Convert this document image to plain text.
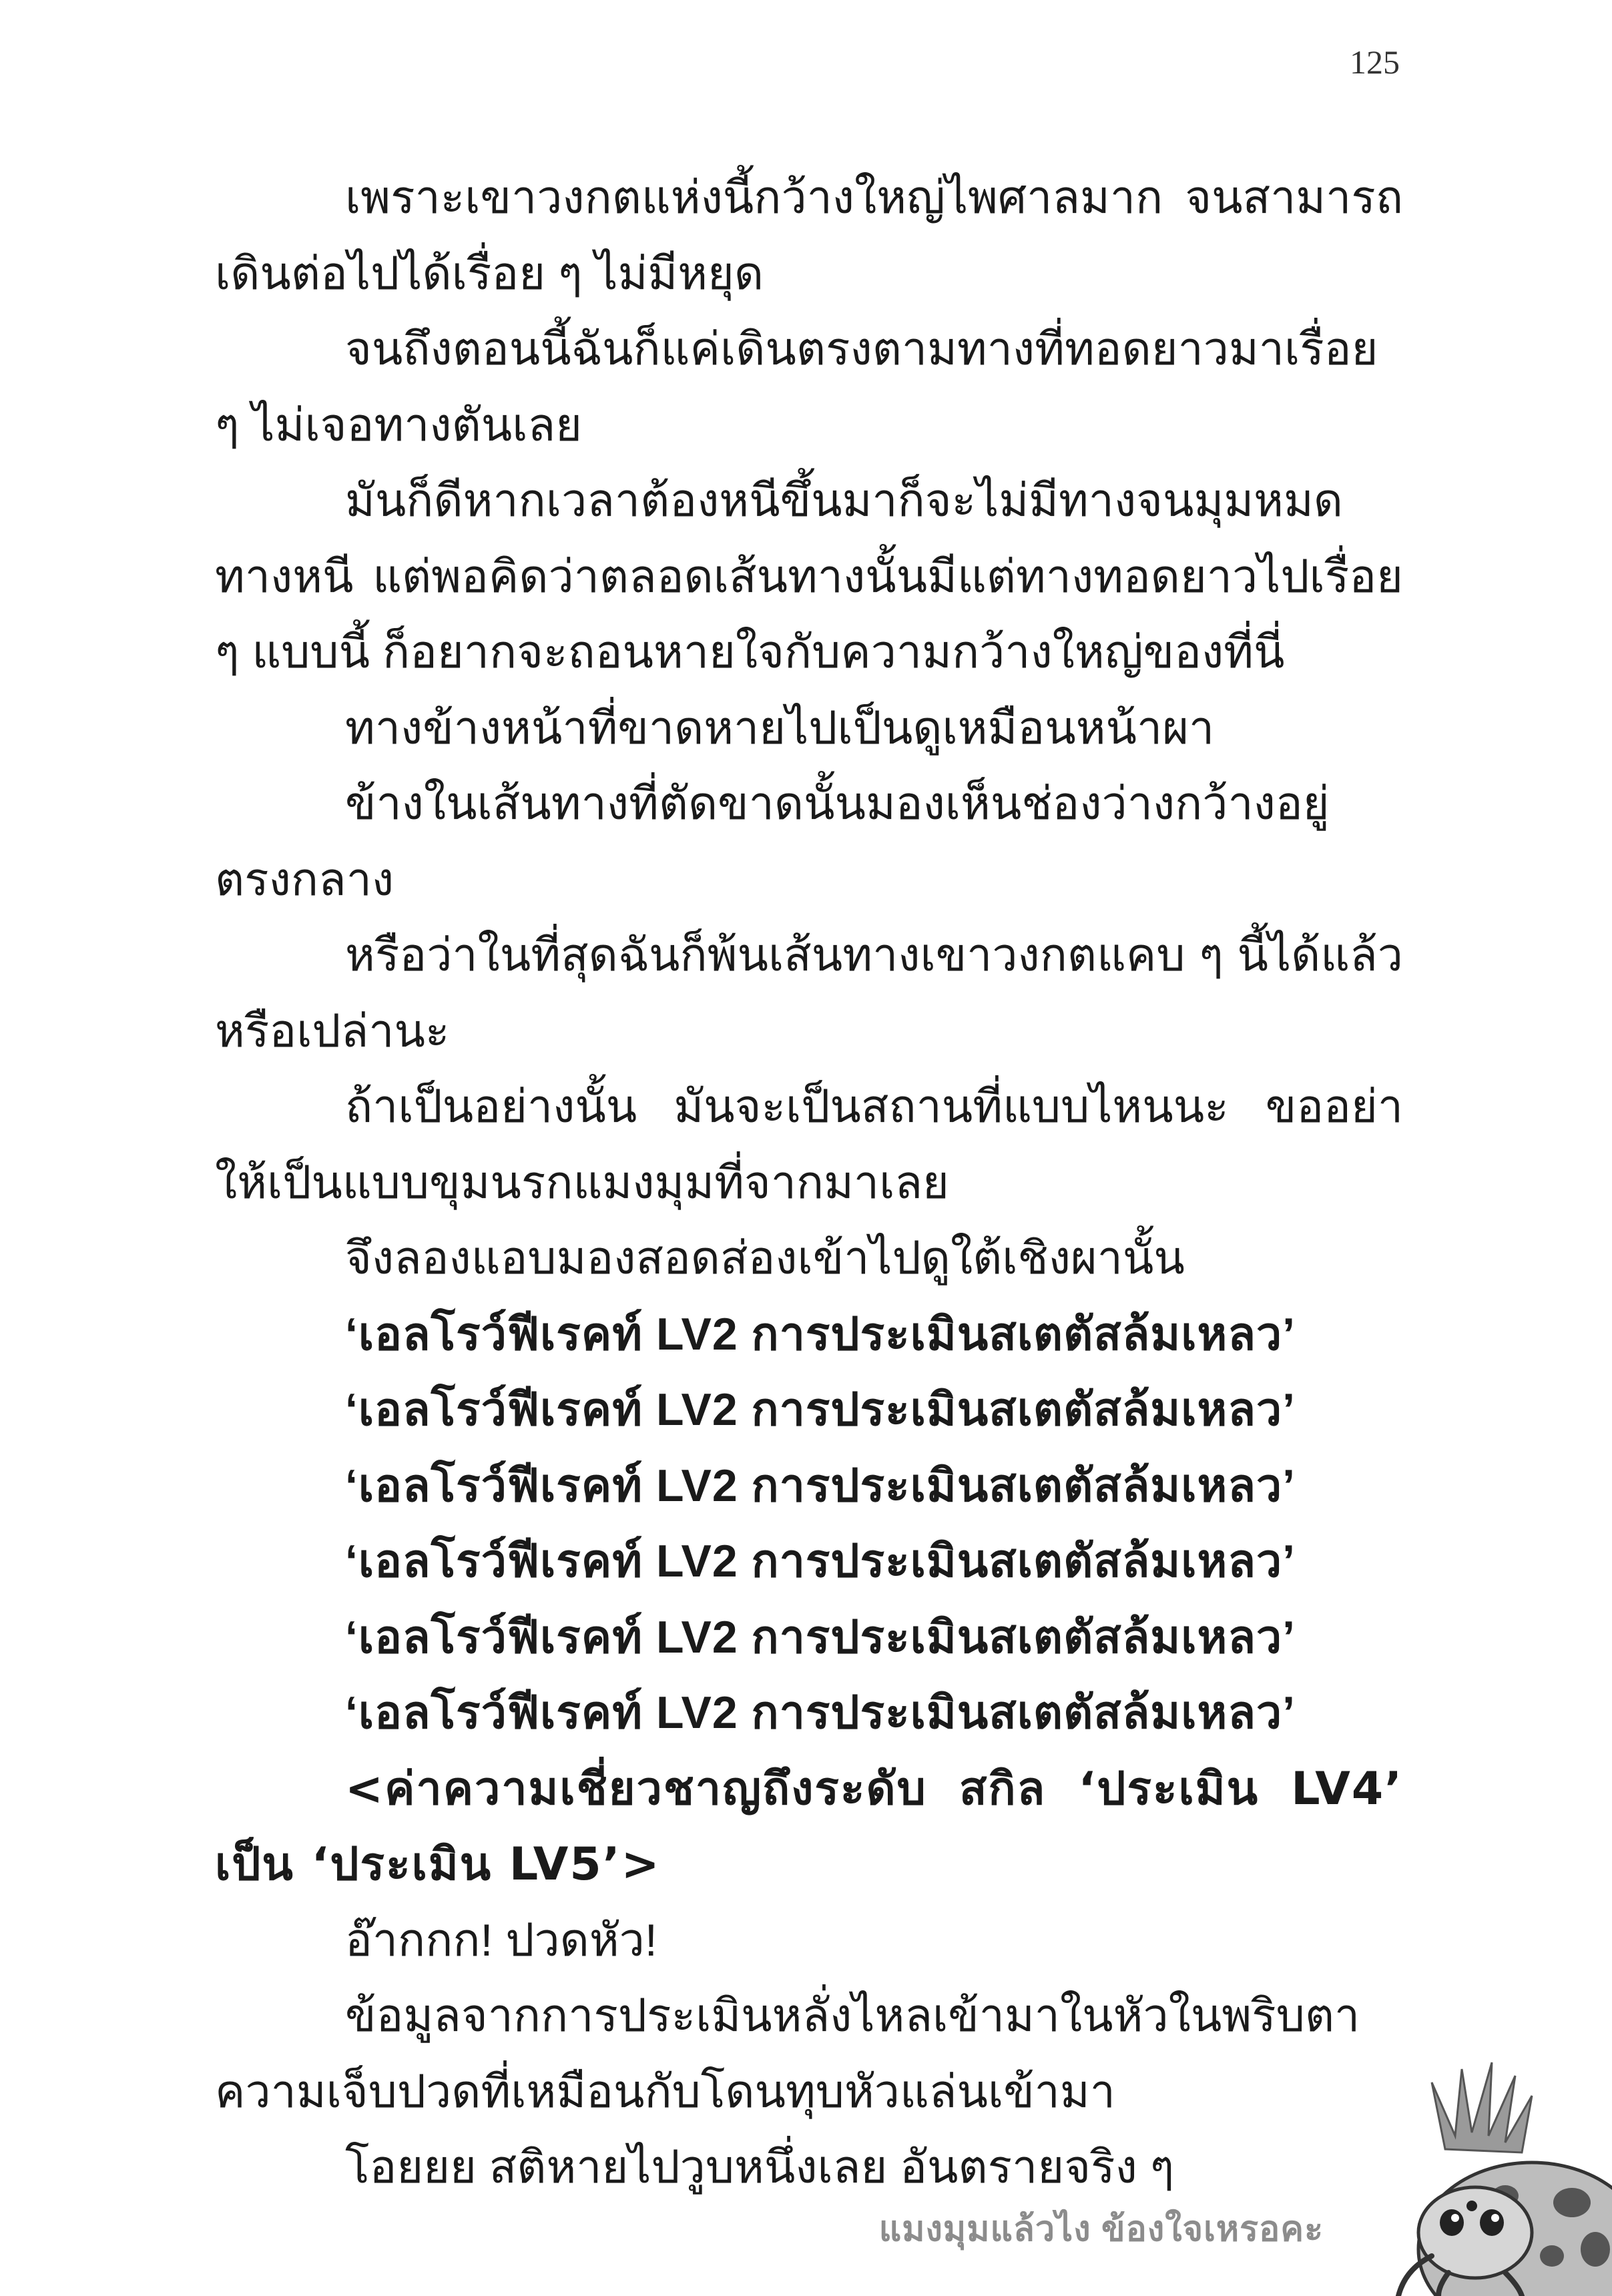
125

เพราะเขาวงกตแห่งนี้กว้างใหญ่ไพศาลมาก จนสามารถเดินต่อไปได้เรื่อย ๆ ไม่มีหยุด

จนถึงตอนนี้ฉันก็แค่เดินตรงตามทางที่ทอดยาวมาเรื่อย ๆ ไม่เจอทางตันเลย

มันก็ดีหากเวลาต้องหนีขึ้นมาก็จะไม่มีทางจนมุมหมดทางหนี แต่พอคิดว่าตลอดเส้นทางนั้นมีแต่ทางทอดยาวไปเรื่อย ๆ แบบนี้ ก็อยากจะถอนหายใจกับความกว้างใหญ่ของที่นี่

ทางข้างหน้าที่ขาดหายไปเป็นดูเหมือนหน้าผา

ข้างในเส้นทางที่ตัดขาดนั้นมองเห็นช่องว่างกว้างอยู่ตรงกลาง

หรือว่าในที่สุดฉันก็พ้นเส้นทางเขาวงกตแคบ ๆ นี้ได้แล้ว หรือเปล่านะ

ถ้าเป็นอย่างนั้น มันจะเป็นสถานที่แบบไหนนะ ขออย่าให้เป็นแบบขุมนรกแมงมุมที่จากมาเลย

จึงลองแอบมองสอดส่องเข้าไปดูใต้เชิงผานั้น

‘เอลโรว์ฟีเรคท์ LV2 การประเมินสเตตัสล้มเหลว’

‘เอลโรว์ฟีเรคท์ LV2 การประเมินสเตตัสล้มเหลว’

‘เอลโรว์ฟีเรคท์ LV2 การประเมินสเตตัสล้มเหลว’

‘เอลโรว์ฟีเรคท์ LV2 การประเมินสเตตัสล้มเหลว’

‘เอลโรว์ฟีเรคท์ LV2 การประเมินสเตตัสล้มเหลว’

‘เอลโรว์ฟีเรคท์ LV2 การประเมินสเตตัสล้มเหลว’

<ค่าความเชี่ยวชาญถึงระดับ สกิล ‘ประเมิน LV4’ เป็น ‘ประเมิน LV5’>

อ๊ากกก! ปวดหัว!

ข้อมูลจากการประเมินหลั่งไหลเข้ามาในหัวในพริบตา ความเจ็บปวดที่เหมือนกับโดนทุบหัวแล่นเข้ามา

โอยยย สติหายไปวูบหนึ่งเลย อันตรายจริง ๆ

แมงมุมแล้วไง ข้องใจเหรอคะ
